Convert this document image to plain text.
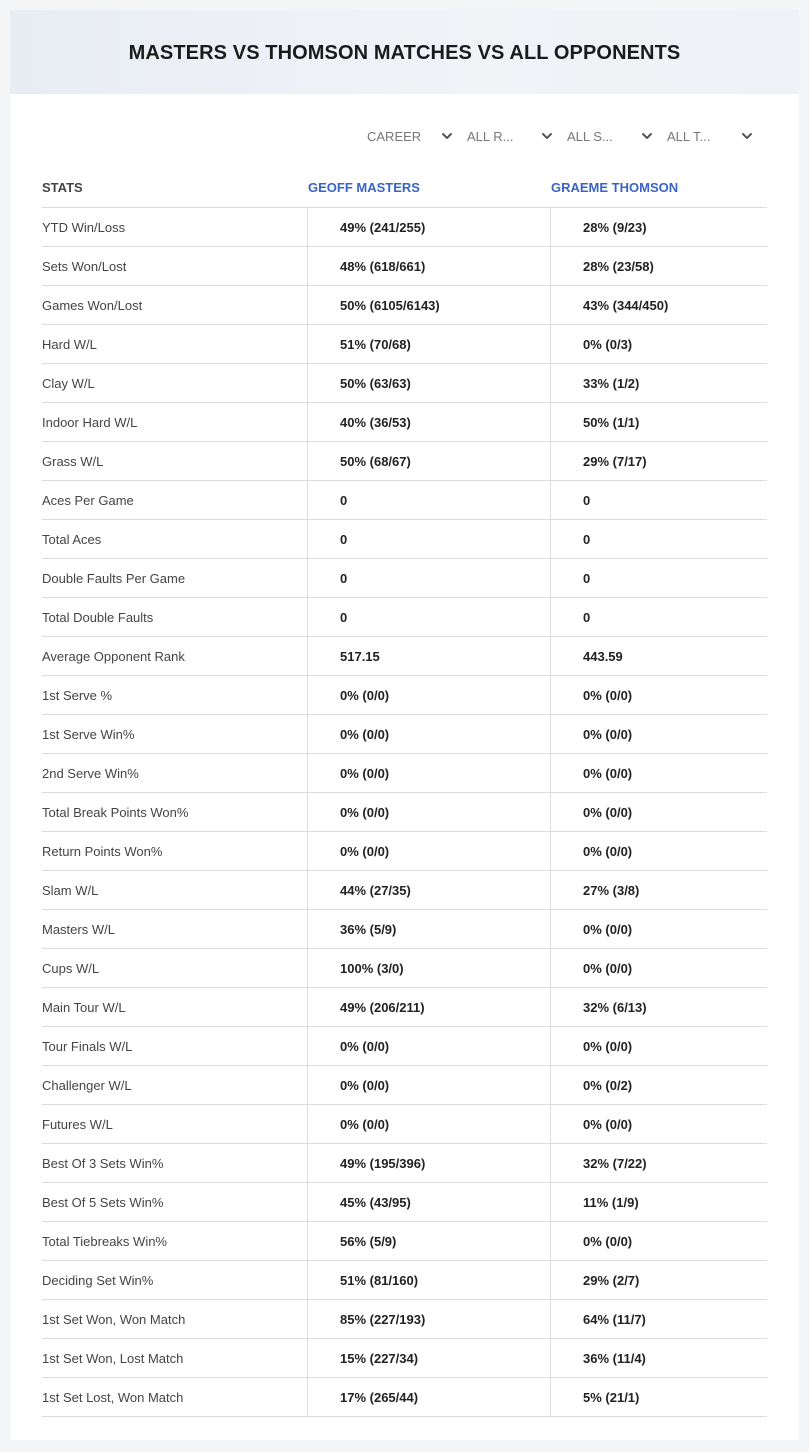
MASTERS VS THOMSON MATCHES VS ALL OPPONENTS
CAREER	ALL R...	ALL S...	ALL T...
STATS	GEOFF MASTERS	GRAEME THOMSON
YTD Win/Loss	49% (241/255)	28% (9/23)
Sets Won/Lost	48% (618/661)	28% (23/58)
Games Won/Lost	50% (6105/6143)	43% (344/450)
Hard W/L	51% (70/68)	0% (0/3)
Clay W/L	50% (63/63)	33% (1/2)
Indoor Hard W/L	40% (36/53)	50% (1/1)
Grass W/L	50% (68/67)	29% (7/17)
Aces Per Game	0	0
Total Aces	0	0
Double Faults Per Game	0	0
Total Double Faults	0	0
Average Opponent Rank	517.15	443.59
1st Serve %	0% (0/0)	0% (0/0)
1st Serve Win%	0% (0/0)	0% (0/0)
2nd Serve Win%	0% (0/0)	0% (0/0)
Total Break Points Won%	0% (0/0)	0% (0/0)
Return Points Won%	0% (0/0)	0% (0/0)
Slam W/L	44% (27/35)	27% (3/8)
Masters W/L	36% (5/9)	0% (0/0)
Cups W/L	100% (3/0)	0% (0/0)
Main Tour W/L	49% (206/211)	32% (6/13)
Tour Finals W/L	0% (0/0)	0% (0/0)
Challenger W/L	0% (0/0)	0% (0/2)
Futures W/L	0% (0/0)	0% (0/0)
Best Of 3 Sets Win%	49% (195/396)	32% (7/22)
Best Of 5 Sets Win%	45% (43/95)	11% (1/9)
Total Tiebreaks Win%	56% (5/9)	0% (0/0)
Deciding Set Win%	51% (81/160)	29% (2/7)
1st Set Won, Won Match	85% (227/193)	64% (11/7)
1st Set Won, Lost Match	15% (227/34)	36% (11/4)
1st Set Lost, Won Match	17% (265/44)	5% (21/1)
